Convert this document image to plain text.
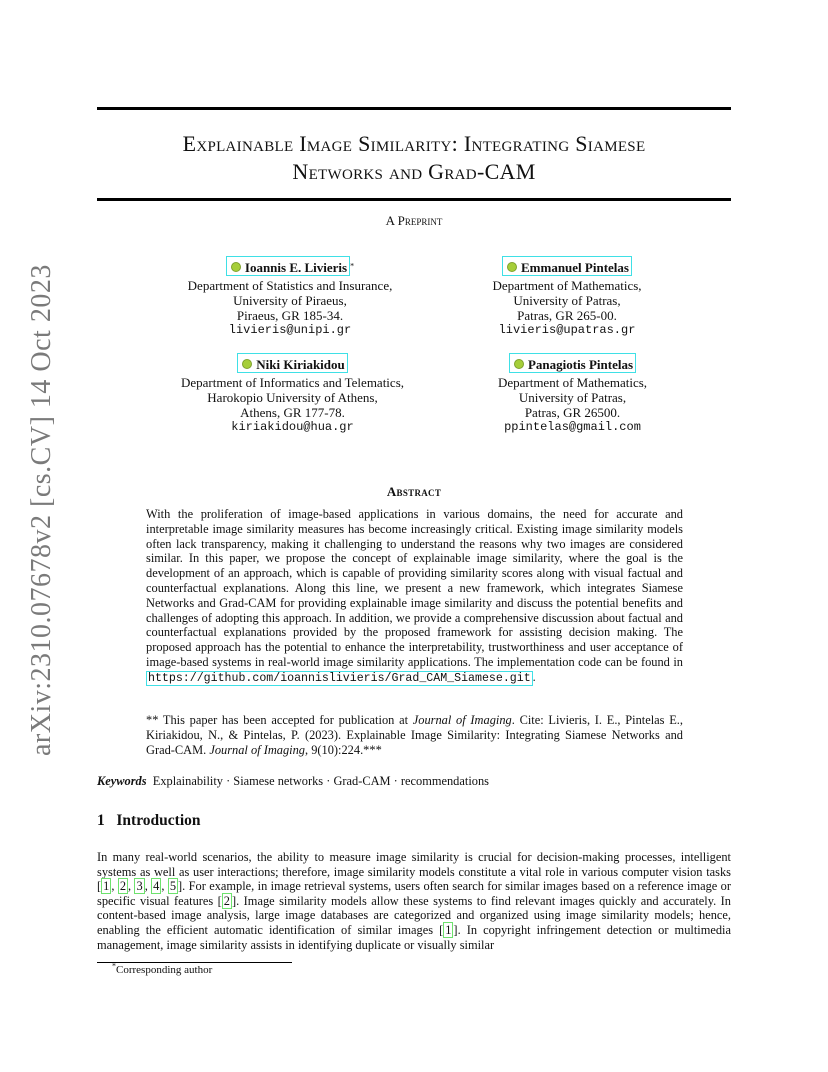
arXiv:2310.07678v2 [cs.CV] 14 Oct 2023
Explainable Image Similarity: Integrating Siamese
Networks and Grad-CAM
A Preprint
Ioannis E. Livieris *
Department of Statistics and Insurance,
University of Piraeus,
Piraeus, GR 185-34.
livieris@unipi.gr
Emmanuel Pintelas
Department of Mathematics,
University of Patras,
Patras, GR 265-00.
livieris@upatras.gr
Niki Kiriakidou
Department of Informatics and Telematics,
Harokopio University of Athens,
Athens, GR 177-78.
kiriakidou@hua.gr
Panagiotis Pintelas
Department of Mathematics,
University of Patras,
Patras, GR 26500.
ppintelas@gmail.com
Abstract
With the proliferation of image-based applications in various domains, the need for accurate and interpretable image similarity measures has become increasingly critical. Existing image similarity models often lack transparency, making it challenging to understand the reasons why two images are considered similar. In this paper, we propose the concept of explainable image similarity, where the goal is the development of an approach, which is capable of providing similarity scores along with visual factual and counterfactual explanations. Along this line, we present a new framework, which integrates Siamese Networks and Grad-CAM for providing explainable image similarity and discuss the potential benefits and challenges of adopting this approach. In addition, we provide a comprehensive discussion about factual and counterfactual explanations provided by the proposed framework for assisting decision making. The proposed approach has the potential to enhance the interpretability, trustworthiness and user acceptance of image-based systems in real-world image similarity applications. The implementation code can be found in https://github.com/ioannislivieris/Grad_CAM_Siamese.git .
** This paper has been accepted for publication at Journal of Imaging. Cite: Livieris, I. E., Pintelas E., Kiriakidou, N., & Pintelas, P. (2023). Explainable Image Similarity: Integrating Siamese Networks and Grad-CAM. Journal of Imaging, 9(10):224.***
Keywords Explainability · Siamese networks · Grad-CAM · recommendations
1 Introduction
In many real-world scenarios, the ability to measure image similarity is crucial for decision-making processes, intelligent systems as well as user interactions; therefore, image similarity models constitute a vital role in various computer vision tasks [ 1 , 2 , 3 , 4 , 5 ]. For example, in image retrieval systems, users often search for similar images based on a reference image or specific visual features [ 2 ]. Image similarity models allow these systems to find relevant images quickly and accurately. In content-based image analysis, large image databases are categorized and organized using image similarity models; hence, enabling the efficient automatic identification of similar images [ 1 ]. In copyright infringement detection or multimedia management, image similarity assists in identifying duplicate or visually similar
*Corresponding author
